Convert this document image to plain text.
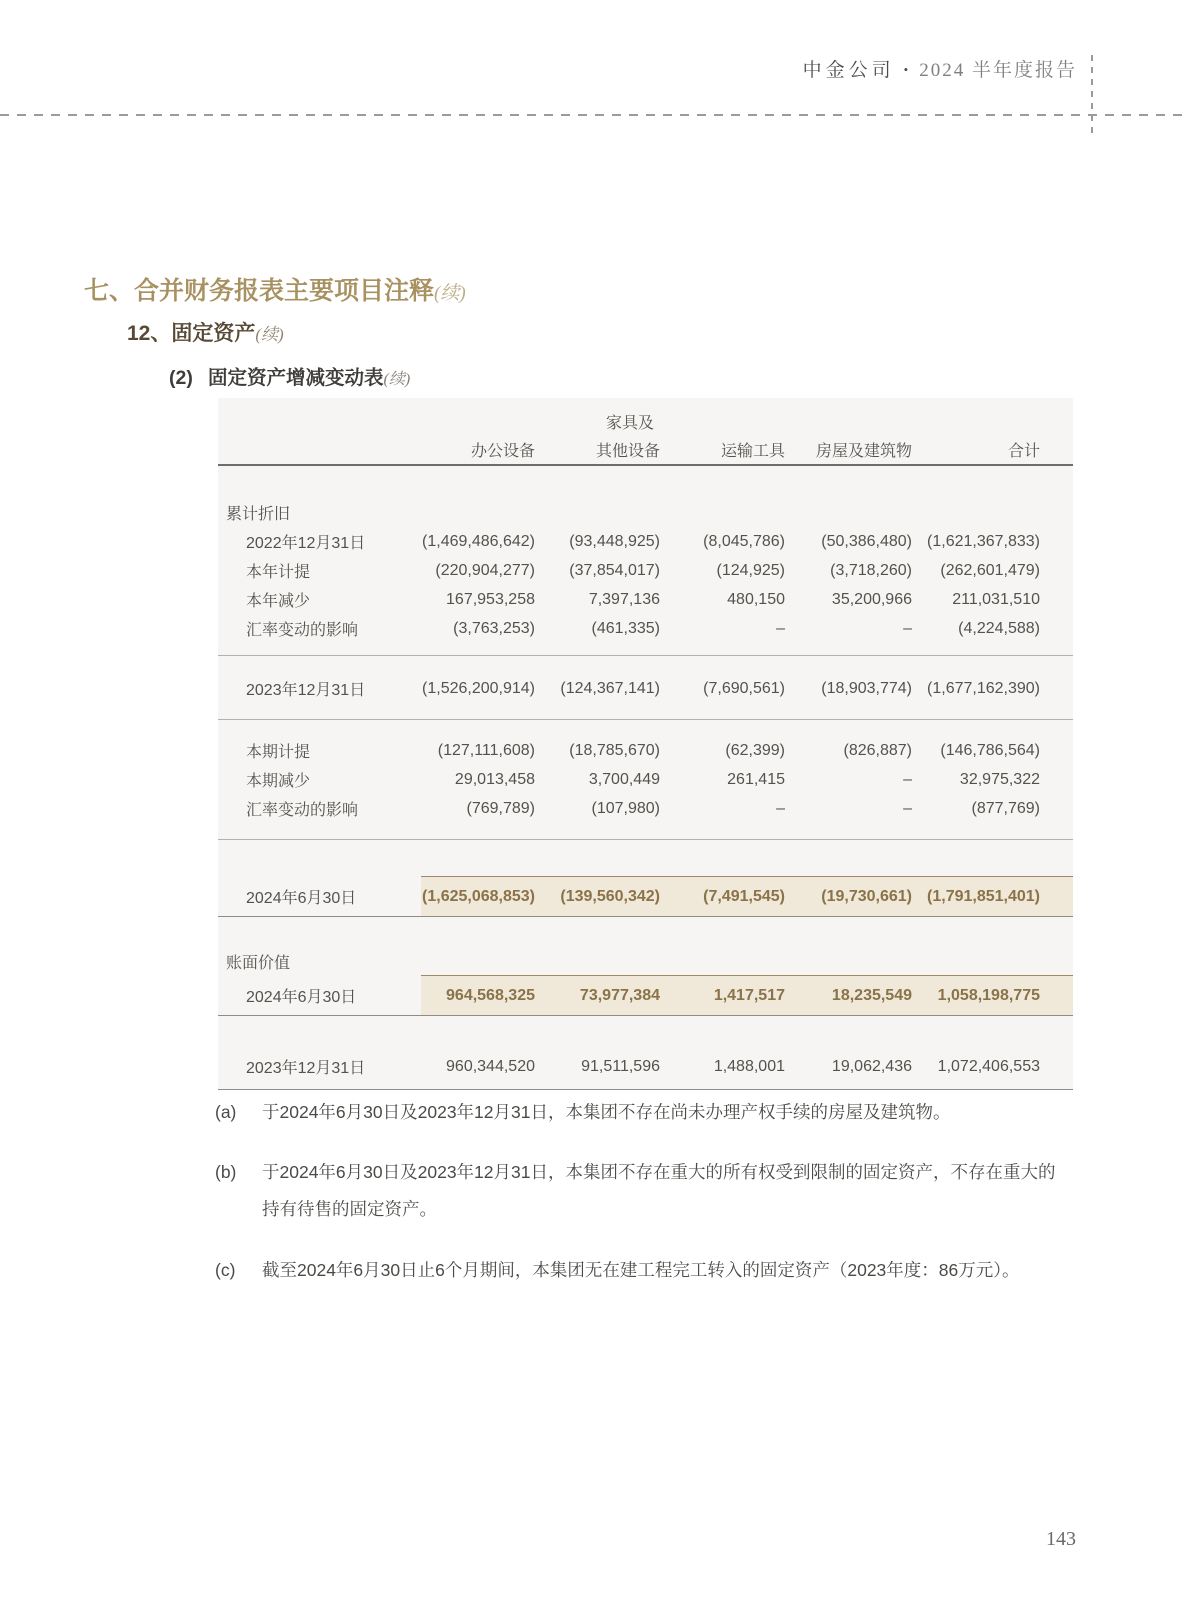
中金公司 • 2024 半年度报告
七、合并财务报表主要项目注释(续)
12、固定资产(续)
(2) 固定资产增减变动表(续)
家具及
办公设备	其他设备	运输工具	房屋及建筑物	合计
累计折旧
2022年12月31日	(1,469,486,642)	(93,448,925)	(8,045,786)	(50,386,480) (1,621,367,833)
本年计提	(220,904,277)	(37,854,017)	(124,925)	(3,718,260)	(262,601,479)
本年减少	167,953,258	7,397,136	480,150	35,200,966	211,031,510
汇率变动的影响	(3,763,253)	(461,335)	–	–	(4,224,588)
2023年12月31日	(1,526,200,914)	(124,367,141)	(7,690,561)	(18,903,774) (1,677,162,390)
本期计提	(127,111,608)	(18,785,670)	(62,399)	(826,887)	(146,786,564)
本期减少	29,013,458	3,700,449	261,415	–	32,975,322
汇率变动的影响	(769,789)	(107,980)	–	–	(877,769)
2024年6月30日	(1,625,068,853)	(139,560,342)	(7,491,545)	(19,730,661) (1,791,851,401)
账面价值
2024年6月30日	964,568,325	73,977,384	1,417,517	18,235,549	1,058,198,775
2023年12月31日	960,344,520	91,511,596	1,488,001	19,062,436	1,072,406,553
(a)	于2024年6月30日及2023年12月31日，本集团不存在尚未办理产权手续的房屋及建筑物。
(b)	于2024年6月30日及2023年12月31日，本集团不存在重大的所有权受到限制的固定资产，不存在重大的持有待售的固定资产。
(c)	截至2024年6月30日止6个月期间，本集团无在建工程完工转入的固定资产（2023年度：86万元）。
143
